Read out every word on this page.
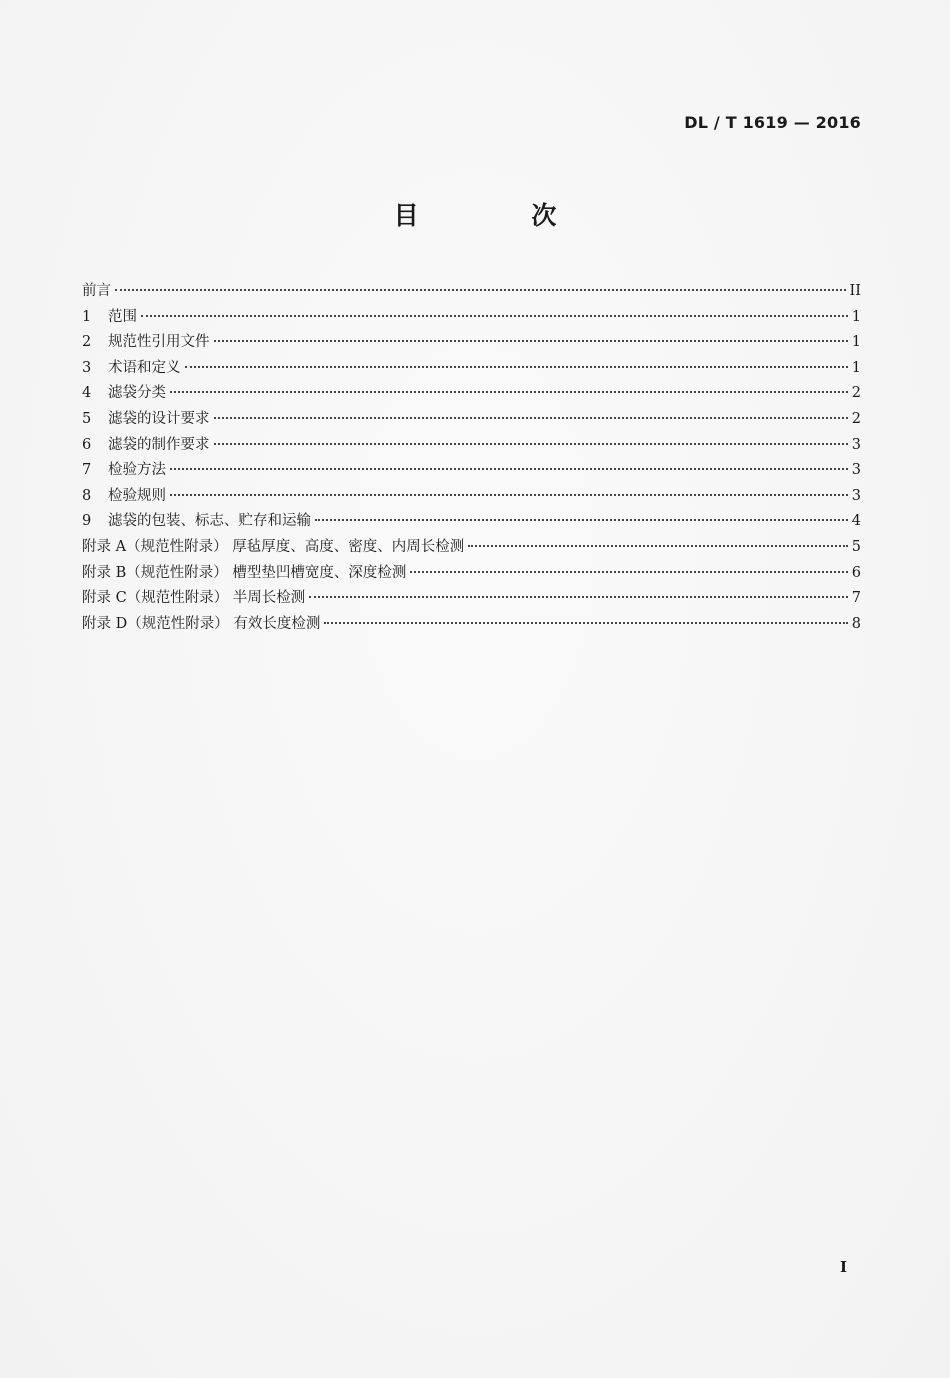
DL / T 1619 — 2016
目 次
前言	II
1	范围	1
2	规范性引用文件	1
3	术语和定义	1
4	滤袋分类	2
5	滤袋的设计要求	2
6	滤袋的制作要求	3
7	检验方法	3
8	检验规则	3
9	滤袋的包装、标志、贮存和运输	4
附录 A（规范性附录） 厚毡厚度、高度、密度、内周长检测	5
附录 B（规范性附录） 槽型垫凹槽宽度、深度检测	6
附录 C（规范性附录） 半周长检测	7
附录 D（规范性附录） 有效长度检测	8
I
